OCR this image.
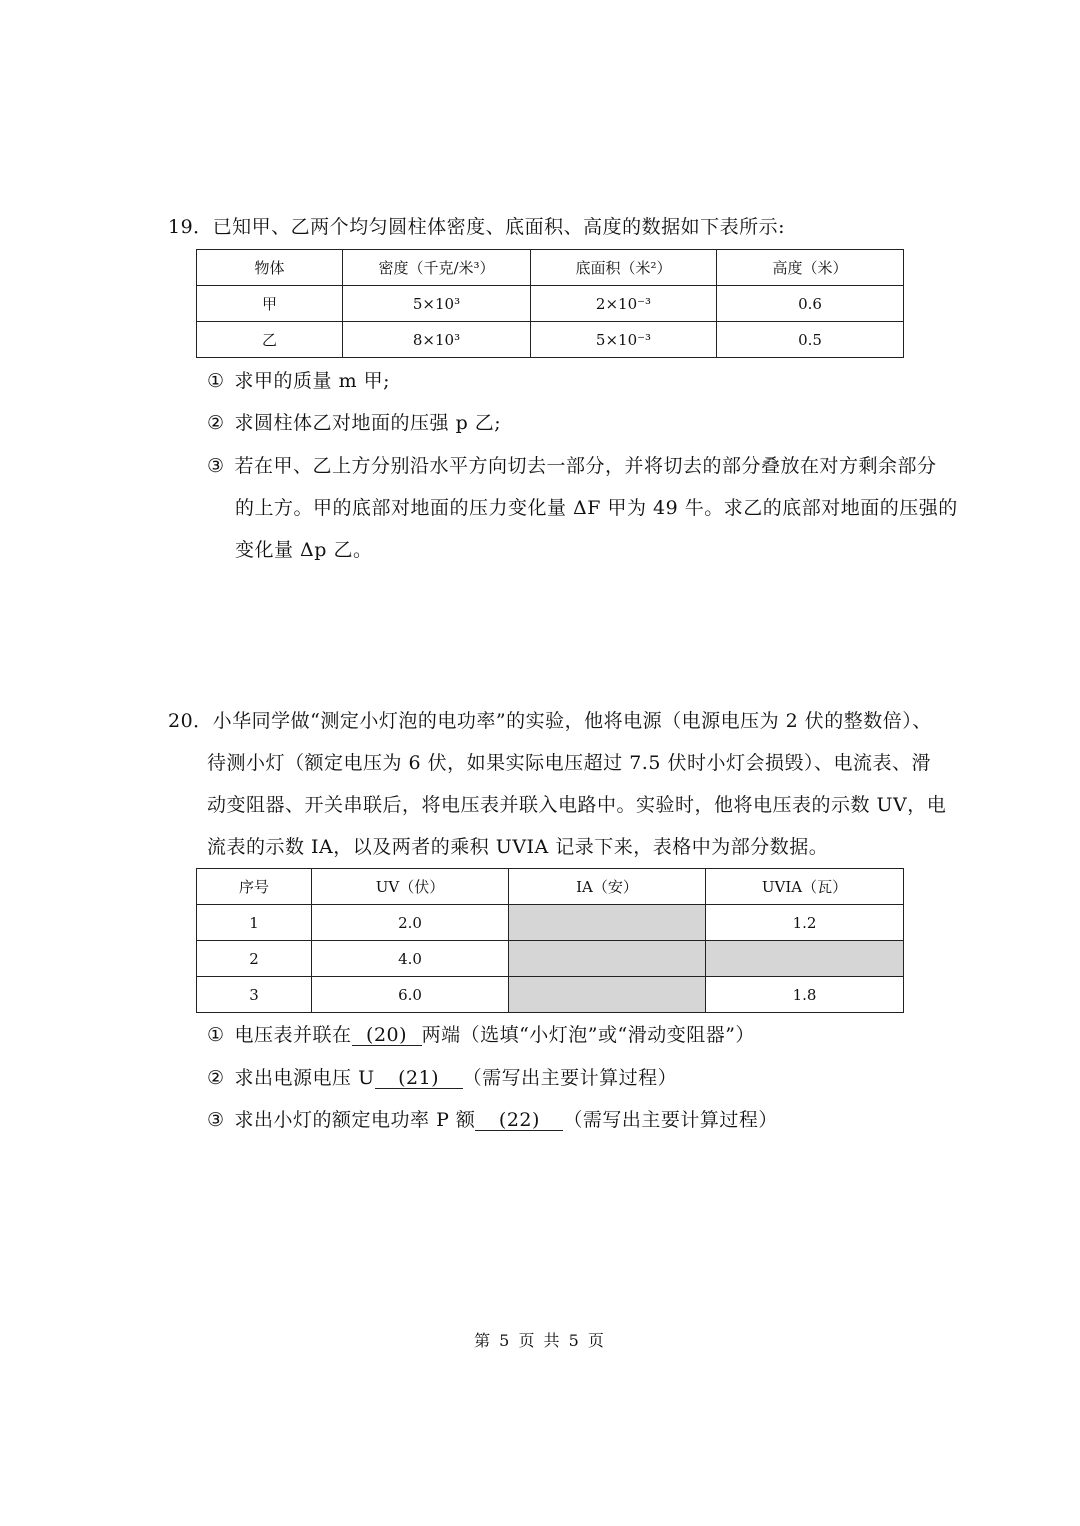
19．已知甲、乙两个均匀圆柱体密度、底面积、高度的数据如下表所示:
物体	密度（千克/米³）	底面积（米²）	高度（米）
甲	5×10³	2×10⁻³	0.6
乙	8×10³	5×10⁻³	0.5
① 求甲的质量 m 甲;
② 求圆柱体乙对地面的压强 p 乙;
③ 若在甲、乙上方分别沿水平方向切去一部分，并将切去的部分叠放在对方剩余部分
的上方。甲的底部对地面的压力变化量 ΔF 甲为 49 牛。求乙的底部对地面的压强的
变化量 Δp 乙。
20．小华同学做“测定小灯泡的电功率”的实验，他将电源（电源电压为 2 伏的整数倍）、
待测小灯（额定电压为 6 伏，如果实际电压超过 7.5 伏时小灯会损毁）、电流表、滑
动变阻器、开关串联后，将电压表并联入电路中。实验时，他将电压表的示数 UV，电
流表的示数 IA，以及两者的乘积 UVIA 记录下来，表格中为部分数据。
序号	UV（伏）	IA（安）	UVIA（瓦）
1	2.0		1.2
2	4.0		
3	6.0		1.8
① 电压表并联在 (20) 两端（选填“小灯泡”或“滑动变阻器”）
② 求出电源电压 U (21) （需写出主要计算过程）
③ 求出小灯的额定电功率 P 额 (22) （需写出主要计算过程）
第 5 页 共 5 页
